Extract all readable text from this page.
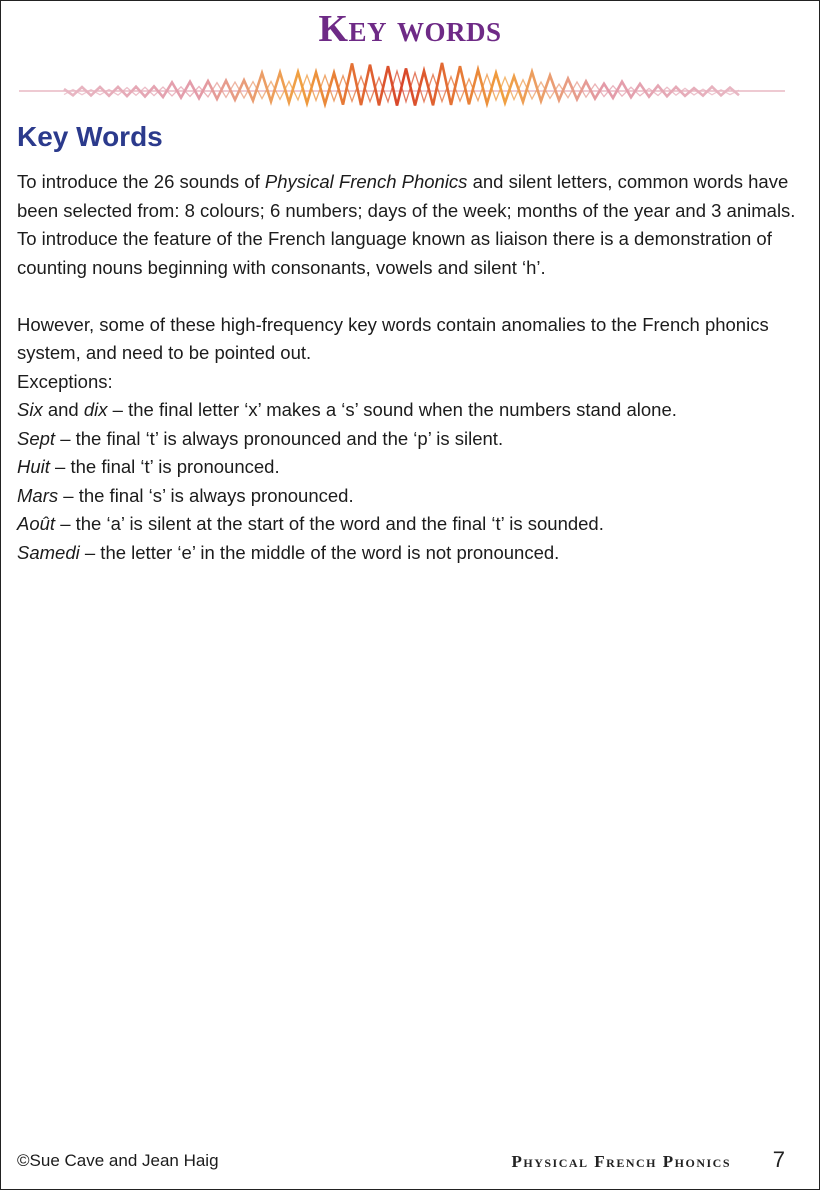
Key words
Key Words

To introduce the 26 sounds of Physical French Phonics and silent letters, common words have been selected from: 8 colours; 6 numbers; days of the week; months of the year and 3 animals. To introduce the feature of the French language known as liaison there is a demonstration of counting nouns beginning with consonants, vowels and silent ‘h’.

However, some of these high-frequency key words contain anomalies to the French phonics system, and need to be pointed out.

Exceptions:

Six and dix – the final letter ‘x’ makes a ‘s’ sound when the numbers stand alone.

Sept – the final ‘t’ is always pronounced and the ‘p’ is silent.

Huit – the final ‘t’ is pronounced.

Mars – the final ‘s’ is always pronounced.

Août – the ‘a’ is silent at the start of the word and the final ‘t’ is sounded.

Samedi – the letter ‘e’ in the middle of the word is not pronounced.

©Sue Cave and Jean Haig	Physical French Phonics 7
